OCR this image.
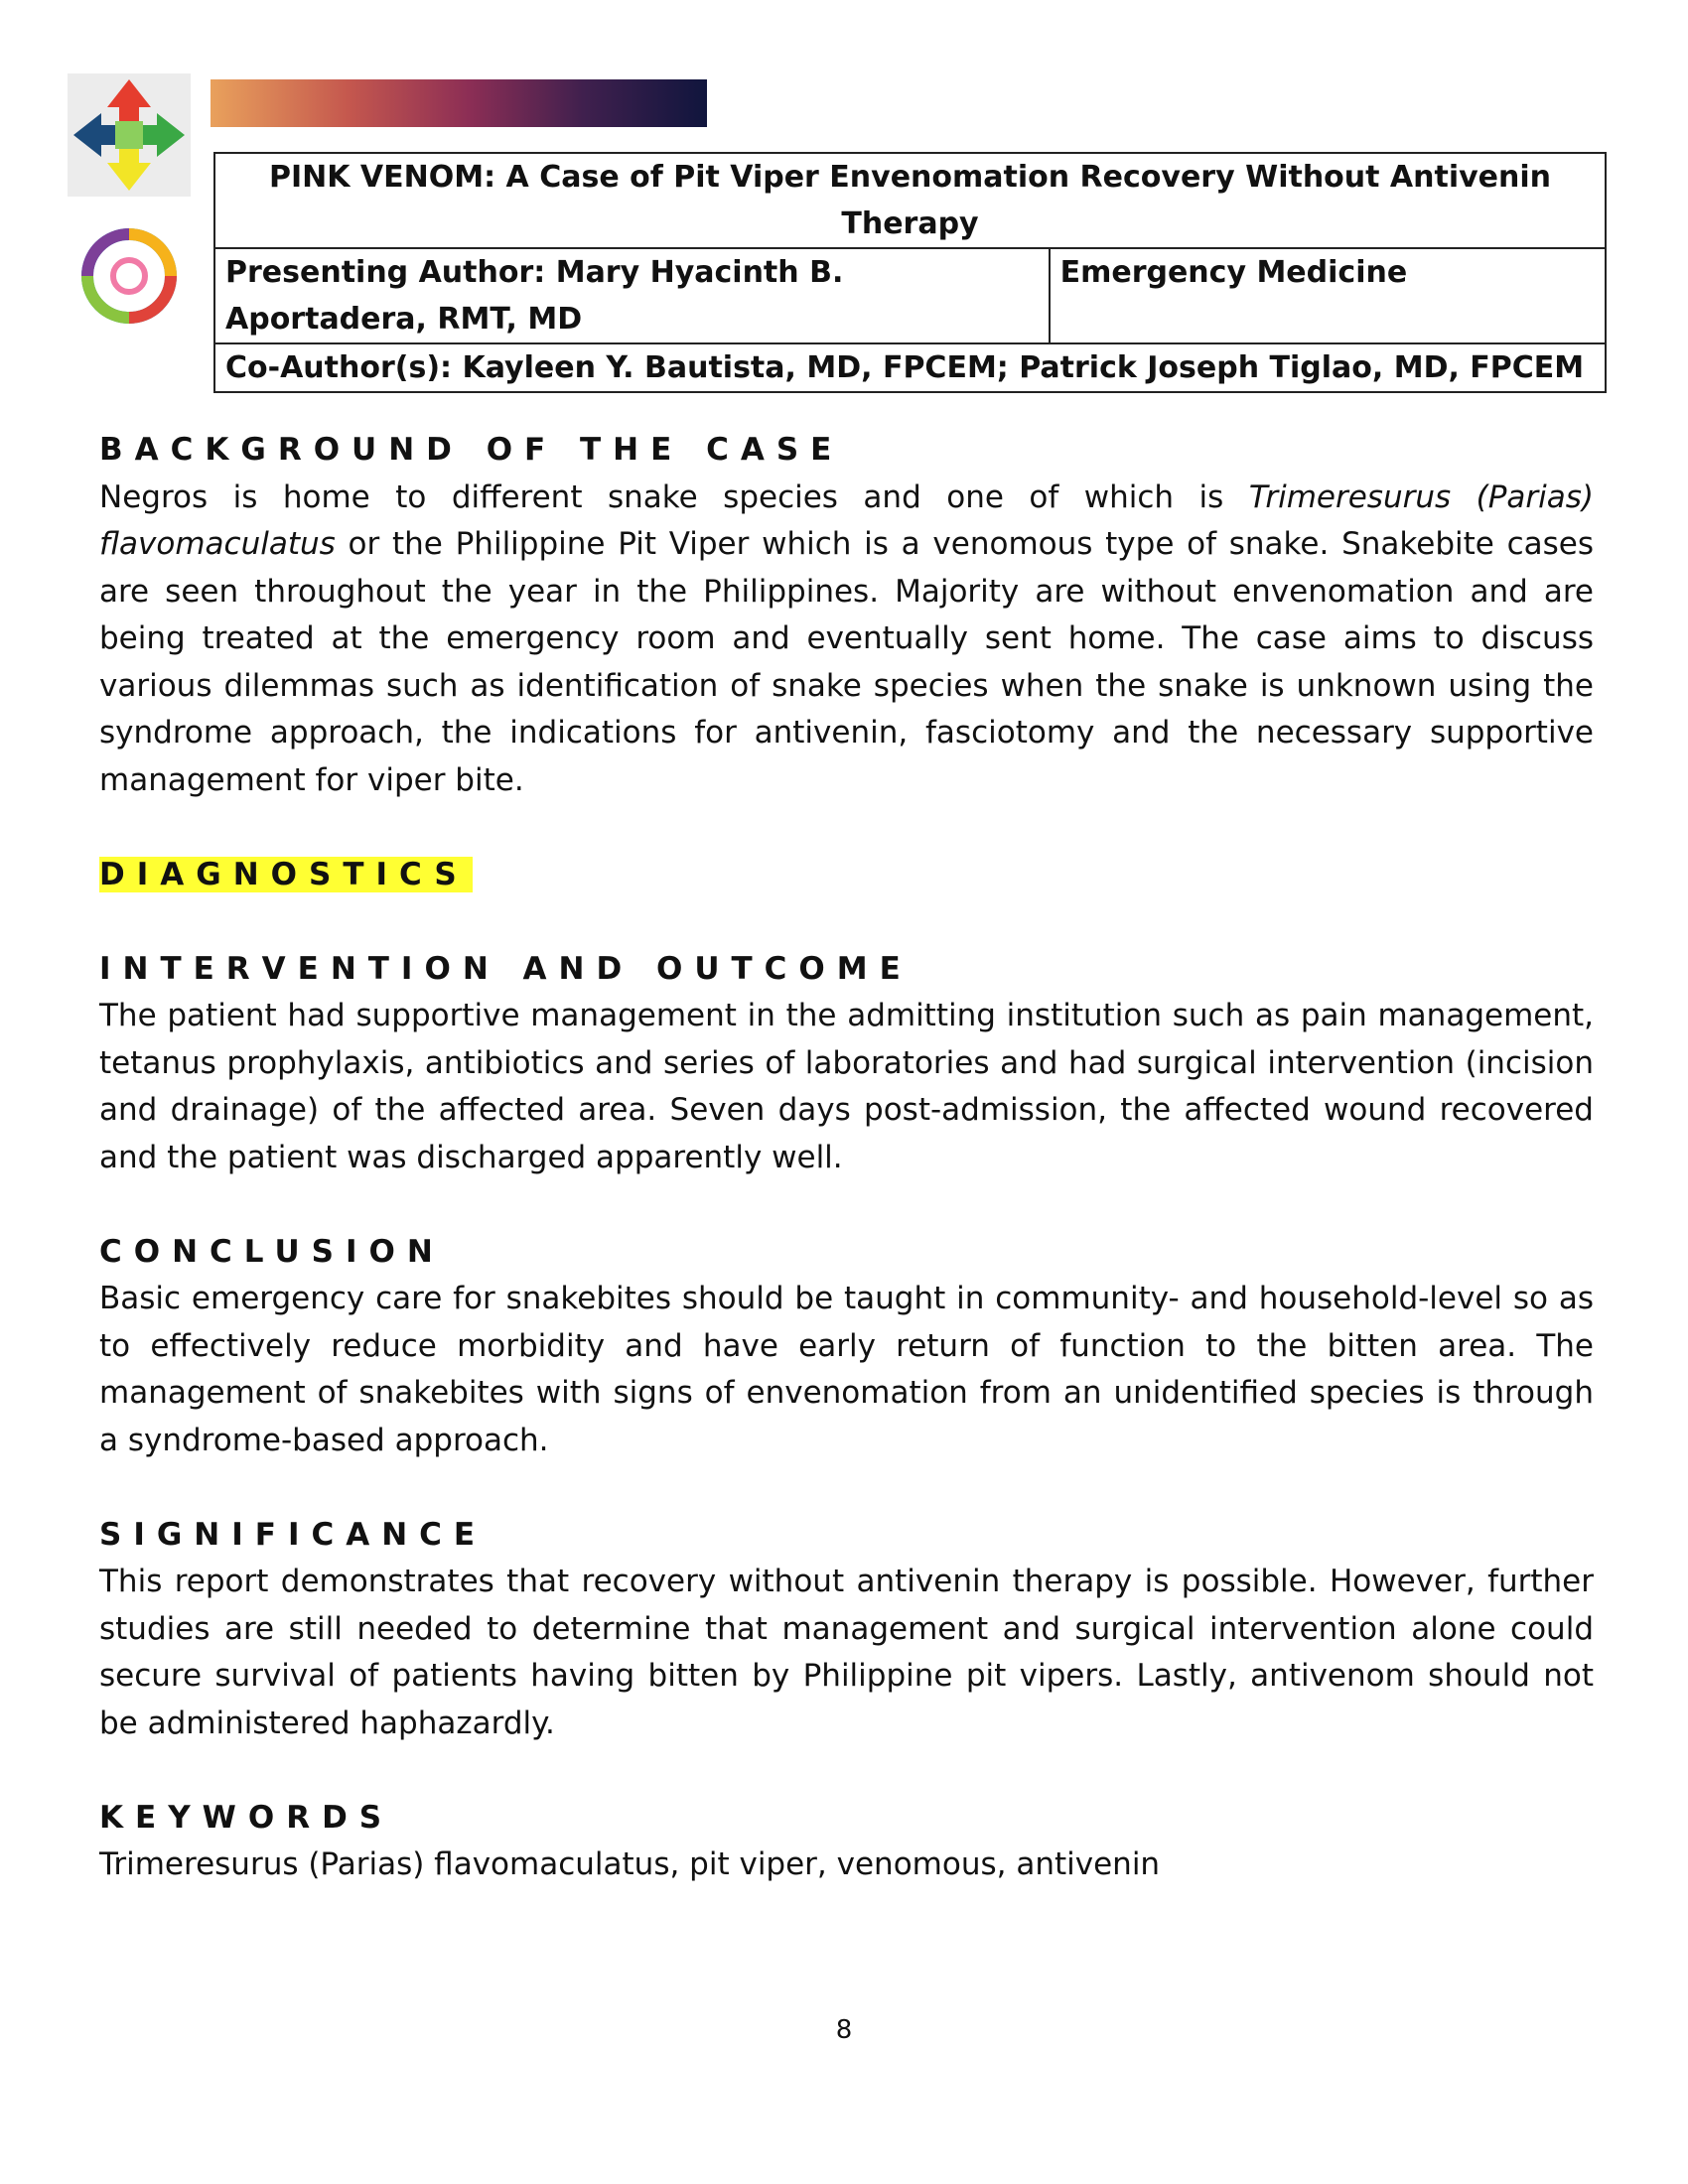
PINK VENOM: A Case of Pit Viper Envenomation Recovery Without Antivenin Therapy
Presenting Author: Mary Hyacinth B. Aportadera, RMT, MD	Emergency Medicine
Co-Author(s): Kayleen Y. Bautista, MD, FPCEM; Patrick Joseph Tiglao, MD, FPCEM
BACKGROUND OF THE CASE

Negros is home to different snake species and one of which is Trimeresurus (Parias) flavomaculatus or the Philippine Pit Viper which is a venomous type of snake. Snakebite cases are seen throughout the year in the Philippines. Majority are without envenomation and are being treated at the emergency room and eventually sent home. The case aims to discuss various dilemmas such as identification of snake species when the snake is unknown using the syndrome approach, the indications for antivenin, fasciotomy and the necessary supportive management for viper bite.

DIAGNOSTICS
INTERVENTION AND OUTCOME

The patient had supportive management in the admitting institution such as pain management, tetanus prophylaxis, antibiotics and series of laboratories and had surgical intervention (incision and drainage) of the affected area. Seven days post-admission, the affected wound recovered and the patient was discharged apparently well.

CONCLUSION

Basic emergency care for snakebites should be taught in community- and household-level so as to effectively reduce morbidity and have early return of function to the bitten area. The management of snakebites with signs of envenomation from an unidentified species is through a syndrome-based approach.

SIGNIFICANCE

This report demonstrates that recovery without antivenin therapy is possible. However, further studies are still needed to determine that management and surgical intervention alone could secure survival of patients having bitten by Philippine pit vipers. Lastly, antivenom should not be administered haphazardly.

KEYWORDS

Trimeresurus (Parias) flavomaculatus, pit viper, venomous, antivenin

8
